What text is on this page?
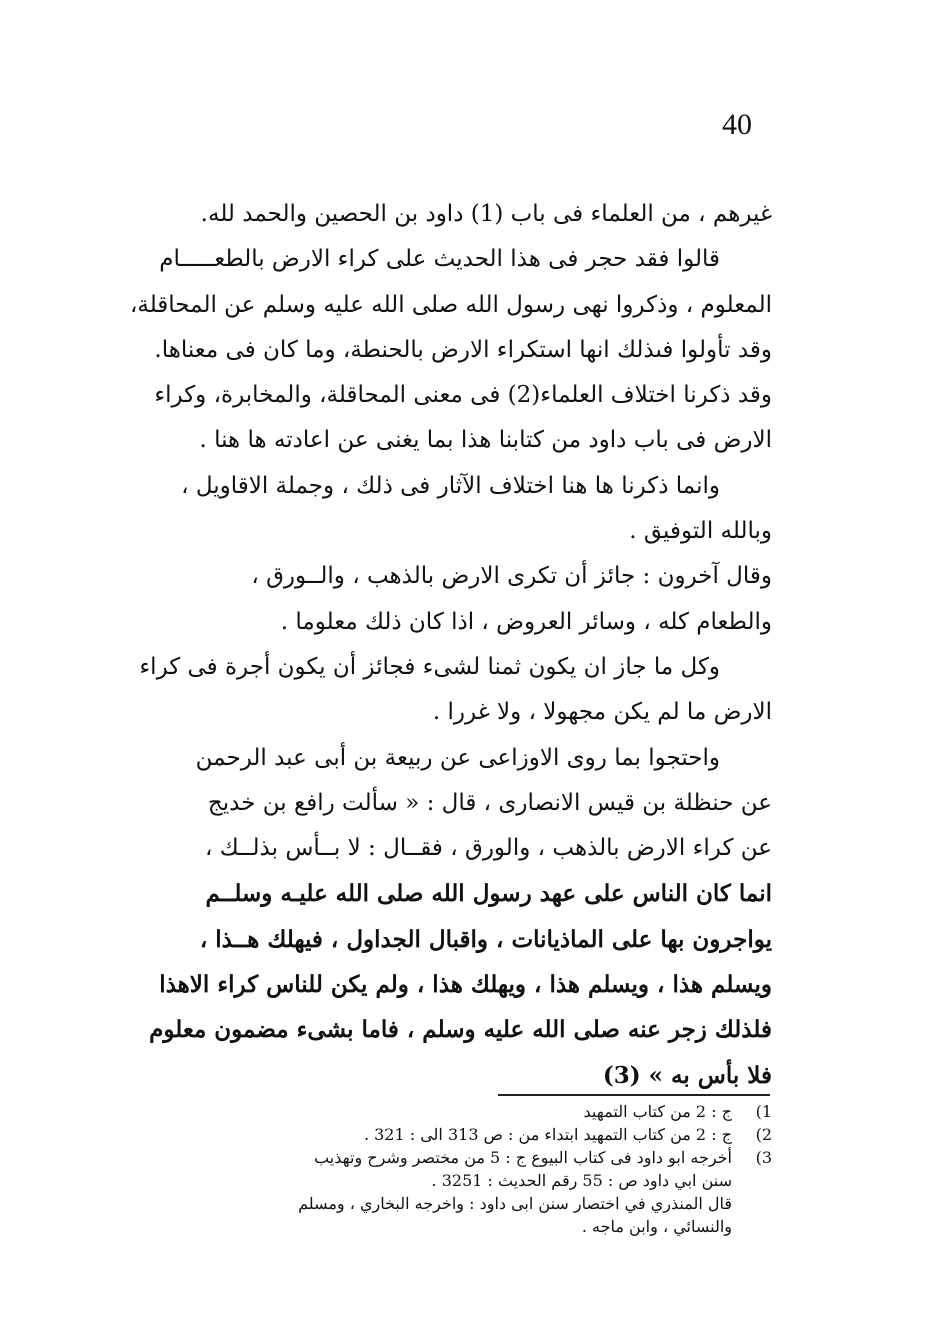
40
غيرهم ، من العلماء فى باب (1) داود بن الحصين والحمد لله.
قالوا فقد حجر فى هذا الحديث على كراء الارض بالطعـــــام
المعلوم ، وذكروا نهى رسول الله صلى الله عليه وسلم عن المحاقلة،
وقد تأولوا فىذلك انها استكراء الارض بالحنطة، وما كان فى معناها.
وقد ذكرنا اختلاف العلماء(2) فى معنى المحاقلة، والمخابرة، وكراء
الارض فى باب داود من كتابنا هذا بما يغنى عن اعادته ها هنا .
وانما ذكرنا ها هنا اختلاف الآثار فى ذلك ، وجملة الاقاويل ،
وبالله التوفيق .
وقال آخرون : جائز أن تكرى الارض بالذهب ، والــورق ،
والطعام كله ، وسائر العروض ، اذا كان ذلك معلوما .
وكل ما جاز ان يكون ثمنا لشىء فجائز أن يكون أجرة فى كراء
الارض ما لم يكن مجهولا ، ولا غررا .
واحتجوا بما روى الاوزاعى عن ربيعة بن أبى عبد الرحمن
عن حنظلة بن قيس الانصارى ، قال : « سألت رافع بن خديج
عن كراء الارض بالذهب ، والورق ، فقــال : لا بــأس بذلــك ،
انما كان الناس على عهد رسول الله صلى الله عليـه وسلــم
يواجرون بها على الماذيانات ، واقبال الجداول ، فيهلك هــذا ،
ويسلم هذا ، ويسلم هذا ، ويهلك هذا ، ولم يكن للناس كراء الاهذا
فلذلك زجر عنه صلى الله عليه وسلم ، فاما بشىء مضمون معلوم
فلا بأس به » (3)
1)
ج : 2 من كتاب التمهيد
2)
ج : 2 من كتاب التمهيد ابتداء من : ص 313 الى : 321 .
3)
أخرجه ابو داود فى كتاب البيوع ج : 5 من مختصر وشرح وتهذيب
سنن ابي داود ص : 55 رقم الحديث : 3251 .
قال المنذري في اختصار سنن ابى داود : واخرجه البخاري ، ومسلم
والنسائي ، وابن ماجه .
